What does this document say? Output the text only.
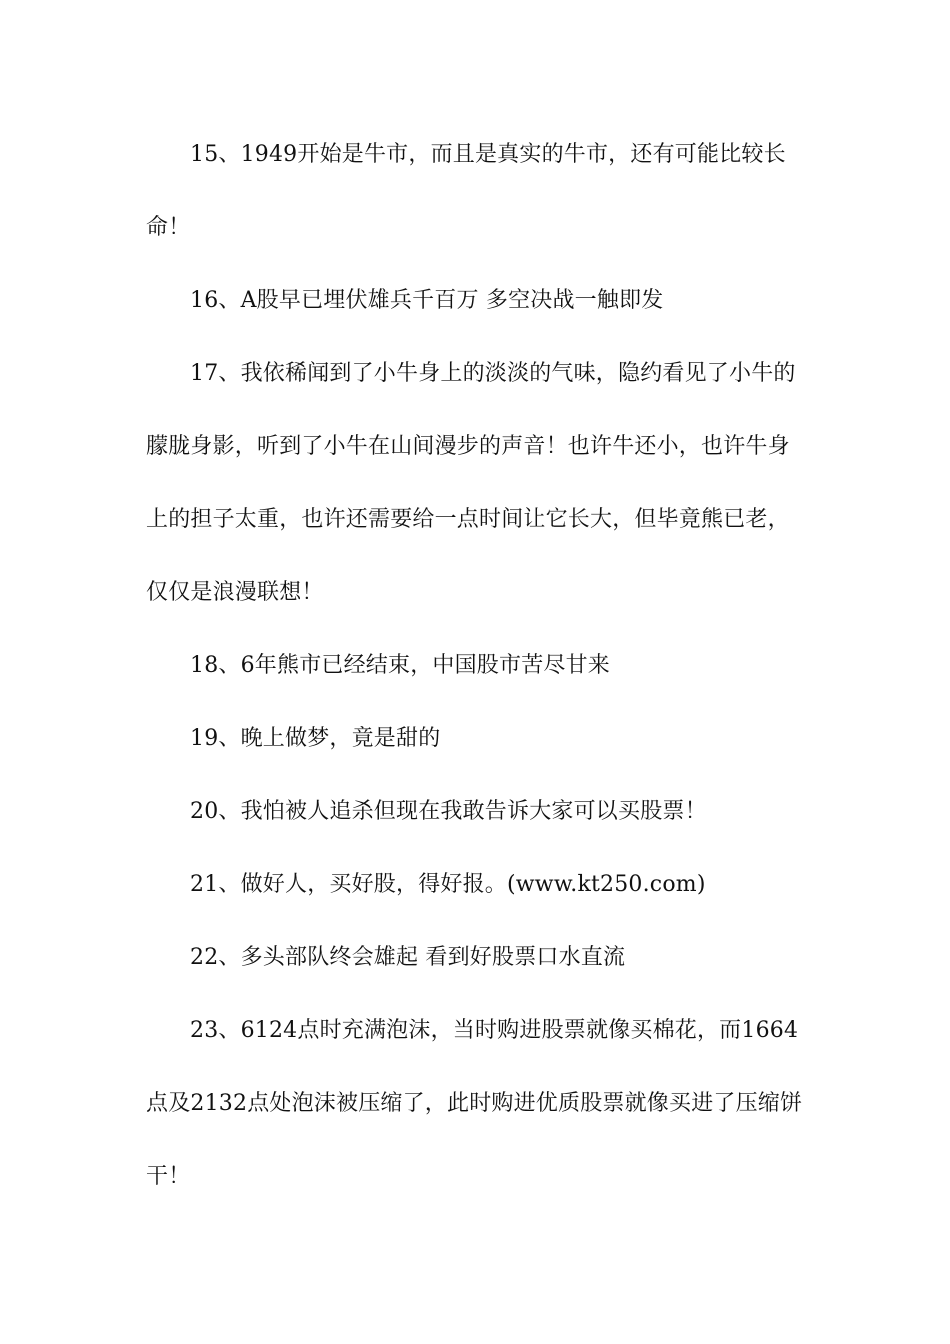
15、1949开始是牛市，而且是真实的牛市，还有可能比较长命！

16、A股早已埋伏雄兵千百万 多空决战一触即发

17、我依稀闻到了小牛身上的淡淡的气味，隐约看见了小牛的朦胧身影，听到了小牛在山间漫步的声音！也许牛还小，也许牛身上的担子太重，也许还需要给一点时间让它长大，但毕竟熊已老，仅仅是浪漫联想！

18、6年熊市已经结束，中国股市苦尽甘来

19、晚上做梦，竟是甜的

20、我怕被人追杀但现在我敢告诉大家可以买股票！

21、做好人，买好股，得好报。(www.kt250.com)

22、多头部队终会雄起 看到好股票口水直流

23、6124点时充满泡沫，当时购进股票就像买棉花，而1664点及2132点处泡沫被压缩了，此时购进优质股票就像买进了压缩饼干！
